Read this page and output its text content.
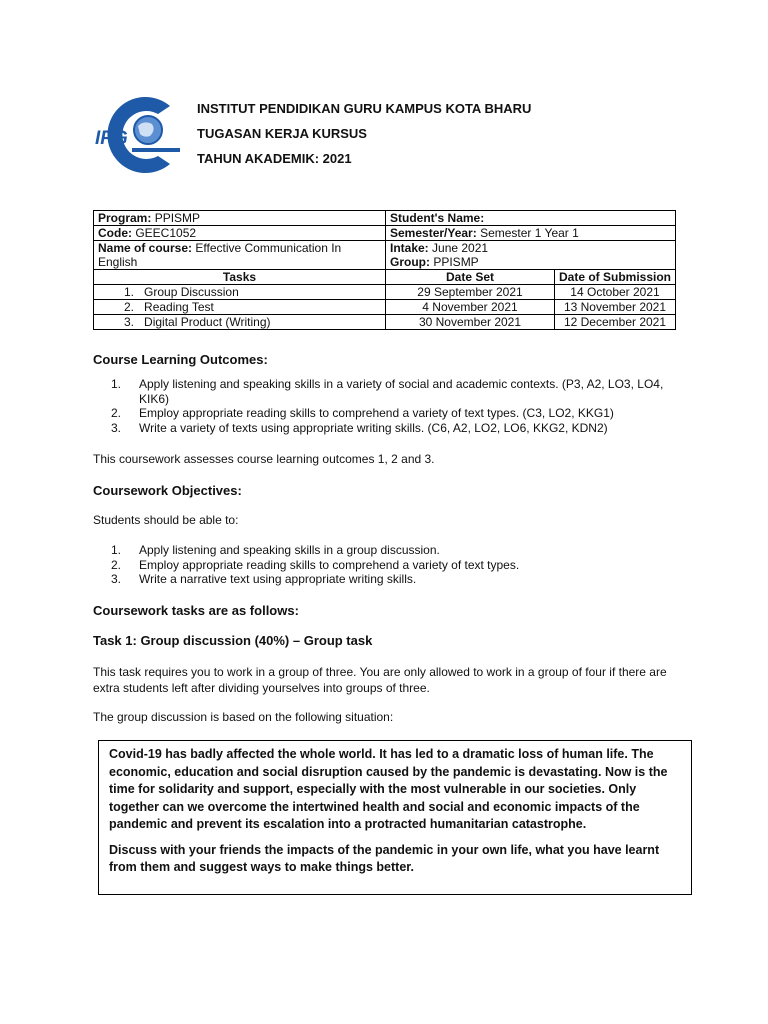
IPG
INSTITUT PENDIDIKAN GURU KAMPUS KOTA BHARU
TUGASAN KERJA KURSUS
TAHUN AKADEMIK: 2021
Program: PPISMP	Student's Name:	
Code: GEEC1052	Semester/Year: Semester 1 Year 1	
Name of course: Effective Communication In English	Intake: June 2021
Group: PPISMP	

Tasks	Date Set	Date of Submission
1. Group Discussion	29 September 2021	14 October 2021
2. Reading Test	4 November 2021	13 November 2021
3. Digital Product (Writing)	30 November 2021	12 December 2021
Course Learning Outcomes:
1. Apply listening and speaking skills in a variety of social and academic contexts. (P3, A2, LO3, LO4, KIK6)
2. Employ appropriate reading skills to comprehend a variety of text types. (C3, LO2, KKG1)
3. Write a variety of texts using appropriate writing skills. (C6, A2, LO2, LO6, KKG2, KDN2)
This coursework assesses course learning outcomes 1, 2 and 3.
Coursework Objectives:
Students should be able to:
1. Apply listening and speaking skills in a group discussion.
2. Employ appropriate reading skills to comprehend a variety of text types.
3. Write a narrative text using appropriate writing skills.
Coursework tasks are as follows:
Task 1: Group discussion (40%) – Group task
This task requires you to work in a group of three. You are only allowed to work in a group of four if there are extra students left after dividing yourselves into groups of three.
The group discussion is based on the following situation:

Covid-19 has badly affected the whole world. It has led to a dramatic loss of human life. The economic, education and social disruption caused by the pandemic is devastating. Now is the time for solidarity and support, especially with the most vulnerable in our societies. Only together can we overcome the intertwined health and social and economic impacts of the pandemic and prevent its escalation into a protracted humanitarian catastrophe.

Discuss with your friends the impacts of the pandemic in your own life, what you have learnt from them and suggest ways to make things better.
